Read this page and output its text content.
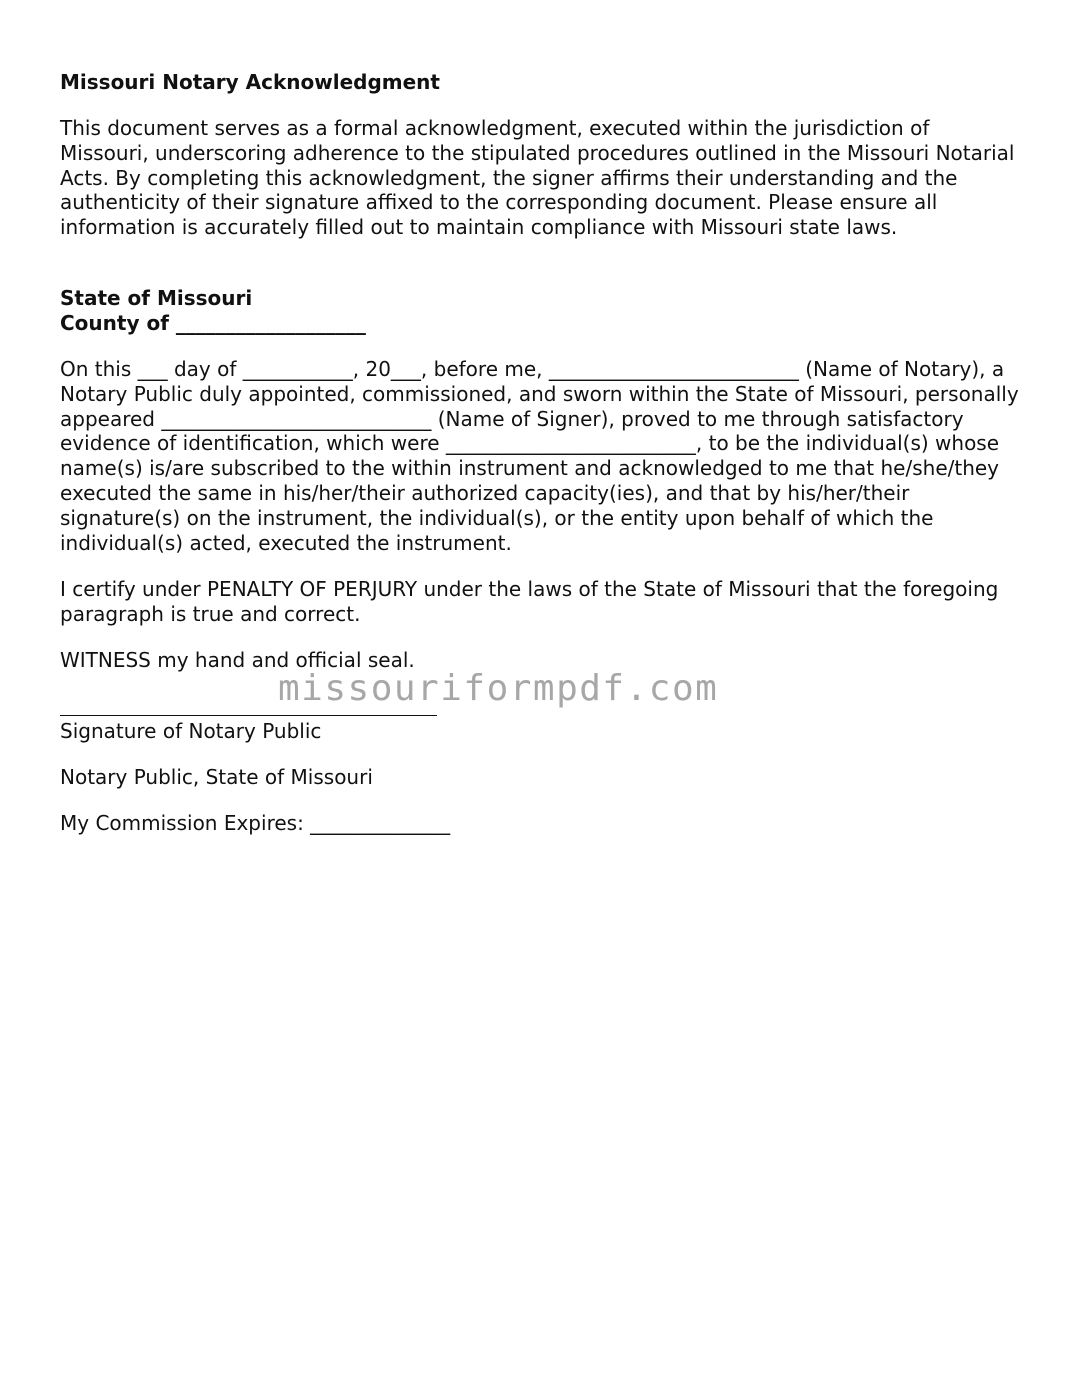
Missouri Notary Acknowledgment

This document serves as a formal acknowledgment, executed within the jurisdiction of Missouri, underscoring adherence to the stipulated procedures outlined in the Missouri Notarial Acts. By completing this acknowledgment, the signer affirms their understanding and the authenticity of their signature affixed to the corresponding document. Please ensure all information is accurately filled out to maintain compliance with Missouri state laws.

State of Missouri
County of ___________________

On this ___ day of ___________, 20___, before me, _________________________ (Name of Notary), a Notary Public duly appointed, commissioned, and sworn within the State of Missouri, personally appeared ___________________________ (Name of Signer), proved to me through satisfactory evidence of identification, which were _________________________, to be the individual(s) whose name(s) is/are subscribed to the within instrument and acknowledged to me that he/she/they executed the same in his/her/their authorized capacity(ies), and that by his/her/their signature(s) on the instrument, the individual(s), or the entity upon behalf of which the individual(s) acted, executed the instrument.

I certify under PENALTY OF PERJURY under the laws of the State of Missouri that the foregoing paragraph is true and correct.

WITNESS my hand and official seal.
Signature of Notary Public
Notary Public, State of Missouri
My Commission Expires: ______________
missouriformpdf.com
